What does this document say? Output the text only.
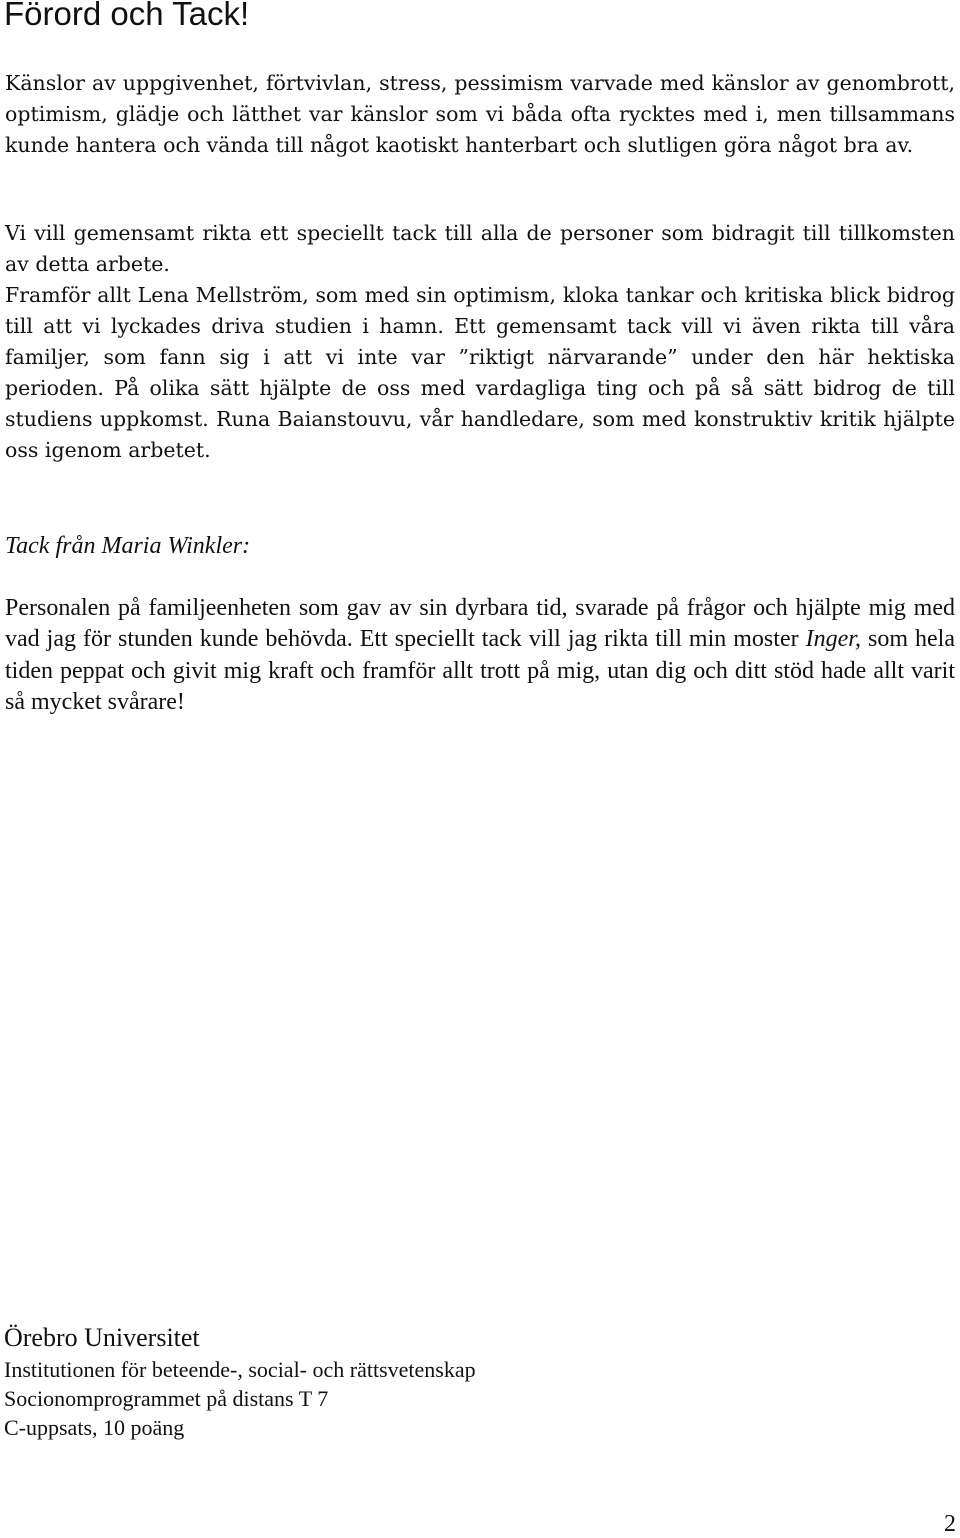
Förord och Tack!

Känslor av uppgivenhet, förtvivlan, stress, pessimism varvade med känslor av genombrott, optimism, glädje och lätthet var känslor som vi båda ofta rycktes med i, men tillsammans kunde hantera och vända till något kaotiskt hanterbart och slutligen göra något bra av.

Vi vill gemensamt rikta ett speciellt tack till alla de personer som bidragit till tillkomsten av detta arbete.

Framför allt Lena Mellström, som med sin optimism, kloka tankar och kritiska blick bidrog till att vi lyckades driva studien i hamn. Ett gemensamt tack vill vi även rikta till våra familjer, som fann sig i att vi inte var ”riktigt närvarande” under den här hektiska perioden. På olika sätt hjälpte de oss med vardagliga ting och på så sätt bidrog de till studiens uppkomst. Runa Baianstouvu, vår handledare, som med konstruktiv kritik hjälpte oss igenom arbetet.

Tack från Maria Winkler:

Personalen på familjeenheten som gav av sin dyrbara tid, svarade på frågor och hjälpte mig med vad jag för stunden kunde behövda. Ett speciellt tack vill jag rikta till min moster Inger, som hela tiden peppat och givit mig kraft och framför allt trott på mig, utan dig och ditt stöd hade allt varit så mycket svårare!

Örebro Universitet

Institutionen för beteende-, social- och rättsvetenskap

Socionomprogrammet på distans T 7

C-uppsats, 10 poäng

2
